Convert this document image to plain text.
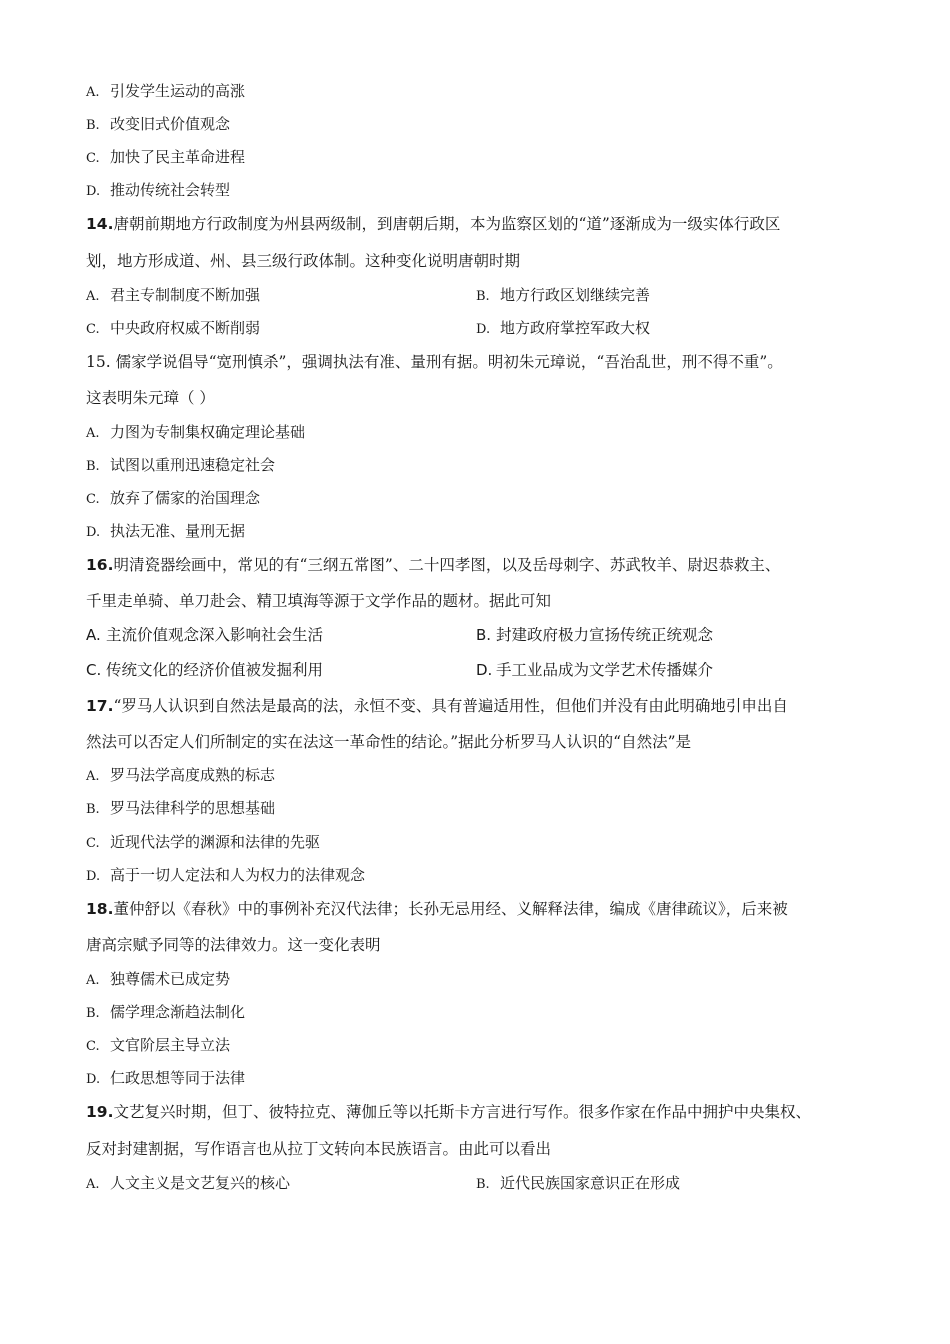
A. 引发学生运动的高涨
B. 改变旧式价值观念
C. 加快了民主革命进程
D. 推动传统社会转型
14.唐朝前期地方行政制度为州县两级制，到唐朝后期，本为监察区划的“道”逐渐成为一级实体行政区
划，地方形成道、州、县三级行政体制。这种变化说明唐朝时期
A. 君主专制制度不断加强	B. 地方行政区划继续完善
C. 中央政府权威不断削弱	D. 地方政府掌控军政大权
15. 儒家学说倡导“宽刑慎杀”，强调执法有准、量刑有据。明初朱元璋说，“吾治乱世，刑不得不重”。
这表明朱元璋（ ）
A. 力图为专制集权确定理论基础
B. 试图以重刑迅速稳定社会
C. 放弃了儒家的治国理念
D. 执法无准、量刑无据
16.明清瓷器绘画中，常见的有“三纲五常图”、二十四孝图，以及岳母刺字、苏武牧羊、尉迟恭救主、
千里走单骑、单刀赴会、精卫填海等源于文学作品的题材。据此可知
A. 主流价值观念深入影响社会生活	B. 封建政府极力宣扬传统正统观念
C. 传统文化的经济价值被发掘利用	D. 手工业品成为文学艺术传播媒介
17.“罗马人认识到自然法是最高的法，永恒不变、具有普遍适用性，但他们并没有由此明确地引申出自
然法可以否定人们所制定的实在法这一革命性的结论。”据此分析罗马人认识的“自然法”是
A. 罗马法学高度成熟的标志
B. 罗马法律科学的思想基础
C. 近现代法学的渊源和法律的先驱
D. 高于一切人定法和人为权力的法律观念
18.董仲舒以《春秋》中的事例补充汉代法律；长孙无忌用经、义解释法律，编成《唐律疏议》，后来被
唐高宗赋予同等的法律效力。这一变化表明
A. 独尊儒术已成定势
B. 儒学理念渐趋法制化
C. 文官阶层主导立法
D. 仁政思想等同于法律
19.文艺复兴时期，但丁、彼特拉克、薄伽丘等以托斯卡方言进行写作。很多作家在作品中拥护中央集权、
反对封建割据，写作语言也从拉丁文转向本民族语言。由此可以看出
A. 人文主义是文艺复兴的核心	B. 近代民族国家意识正在形成
